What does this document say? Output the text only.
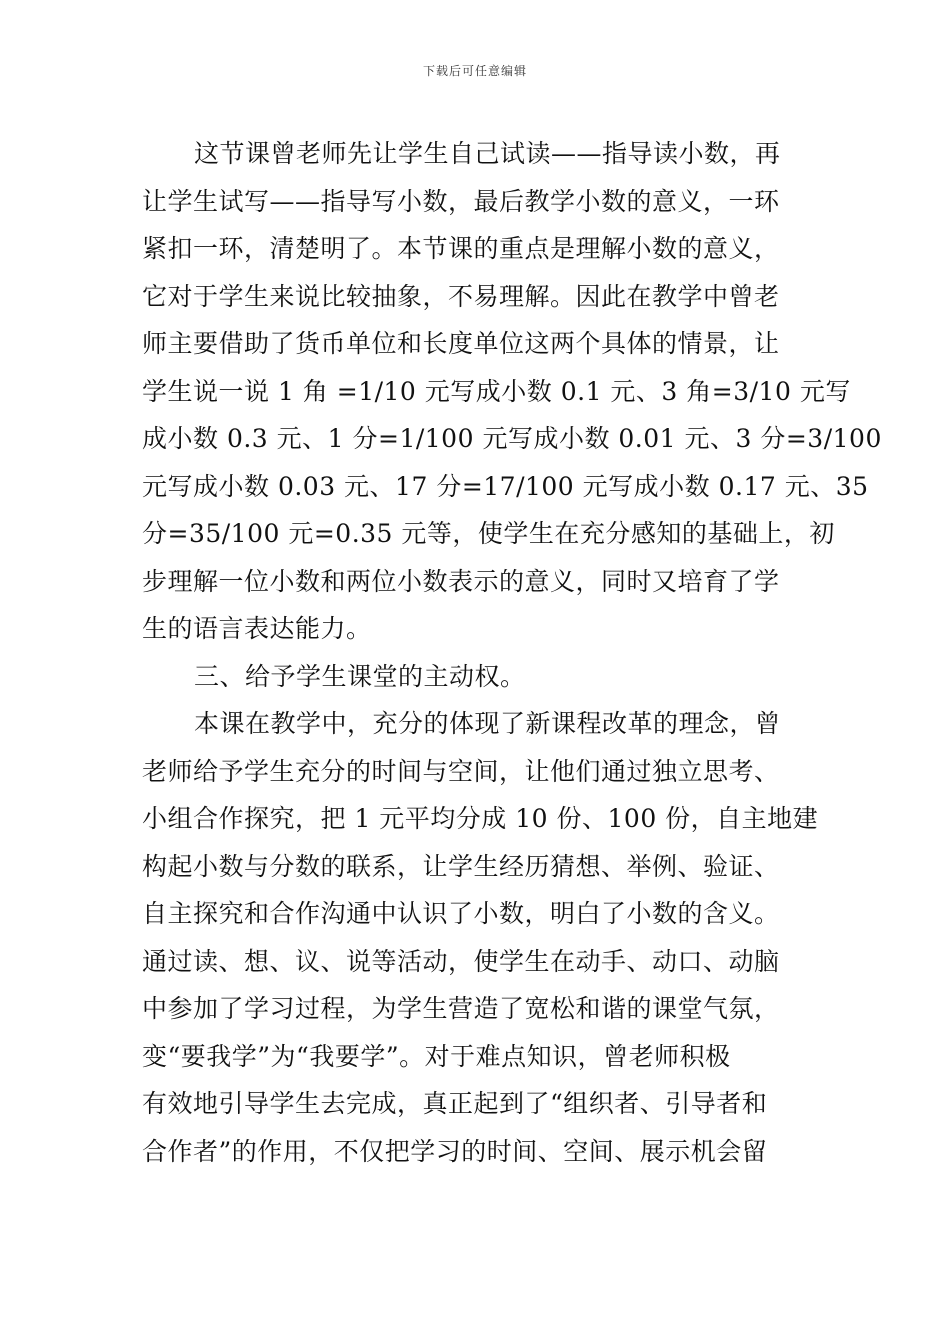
下载后可任意编辑
这节课曾老师先让学生自己试读——指导读小数，再
让学生试写——指导写小数，最后教学小数的意义，一环
紧扣一环，清楚明了。本节课的重点是理解小数的意义，
它对于学生来说比较抽象，不易理解。因此在教学中曾老
师主要借助了货币单位和长度单位这两个具体的情景，让
学生说一说 1 角 =1/10 元写成小数 0.1 元、3 角=3/10 元写
成小数 0.3 元、1 分=1/100 元写成小数 0.01 元、3 分=3/100
元写成小数 0.03 元、17 分=17/100 元写成小数 0.17 元、35
分=35/100 元=0.35 元等，使学生在充分感知的基础上，初
步理解一位小数和两位小数表示的意义，同时又培育了学
生的语言表达能力。
三、给予学生课堂的主动权。
本课在教学中，充分的体现了新课程改革的理念，曾
老师给予学生充分的时间与空间，让他们通过独立思考、
小组合作探究，把 1 元平均分成 10 份、100 份，自主地建
构起小数与分数的联系，让学生经历猜想、举例、验证、
自主探究和合作沟通中认识了小数，明白了小数的含义。
通过读、想、议、说等活动，使学生在动手、动口、动脑
中参加了学习过程，为学生营造了宽松和谐的课堂气氛，
变“要我学”为“我要学”。对于难点知识，曾老师积极
有效地引导学生去完成，真正起到了“组织者、引导者和
合作者”的作用，不仅把学习的时间、空间、展示机会留
